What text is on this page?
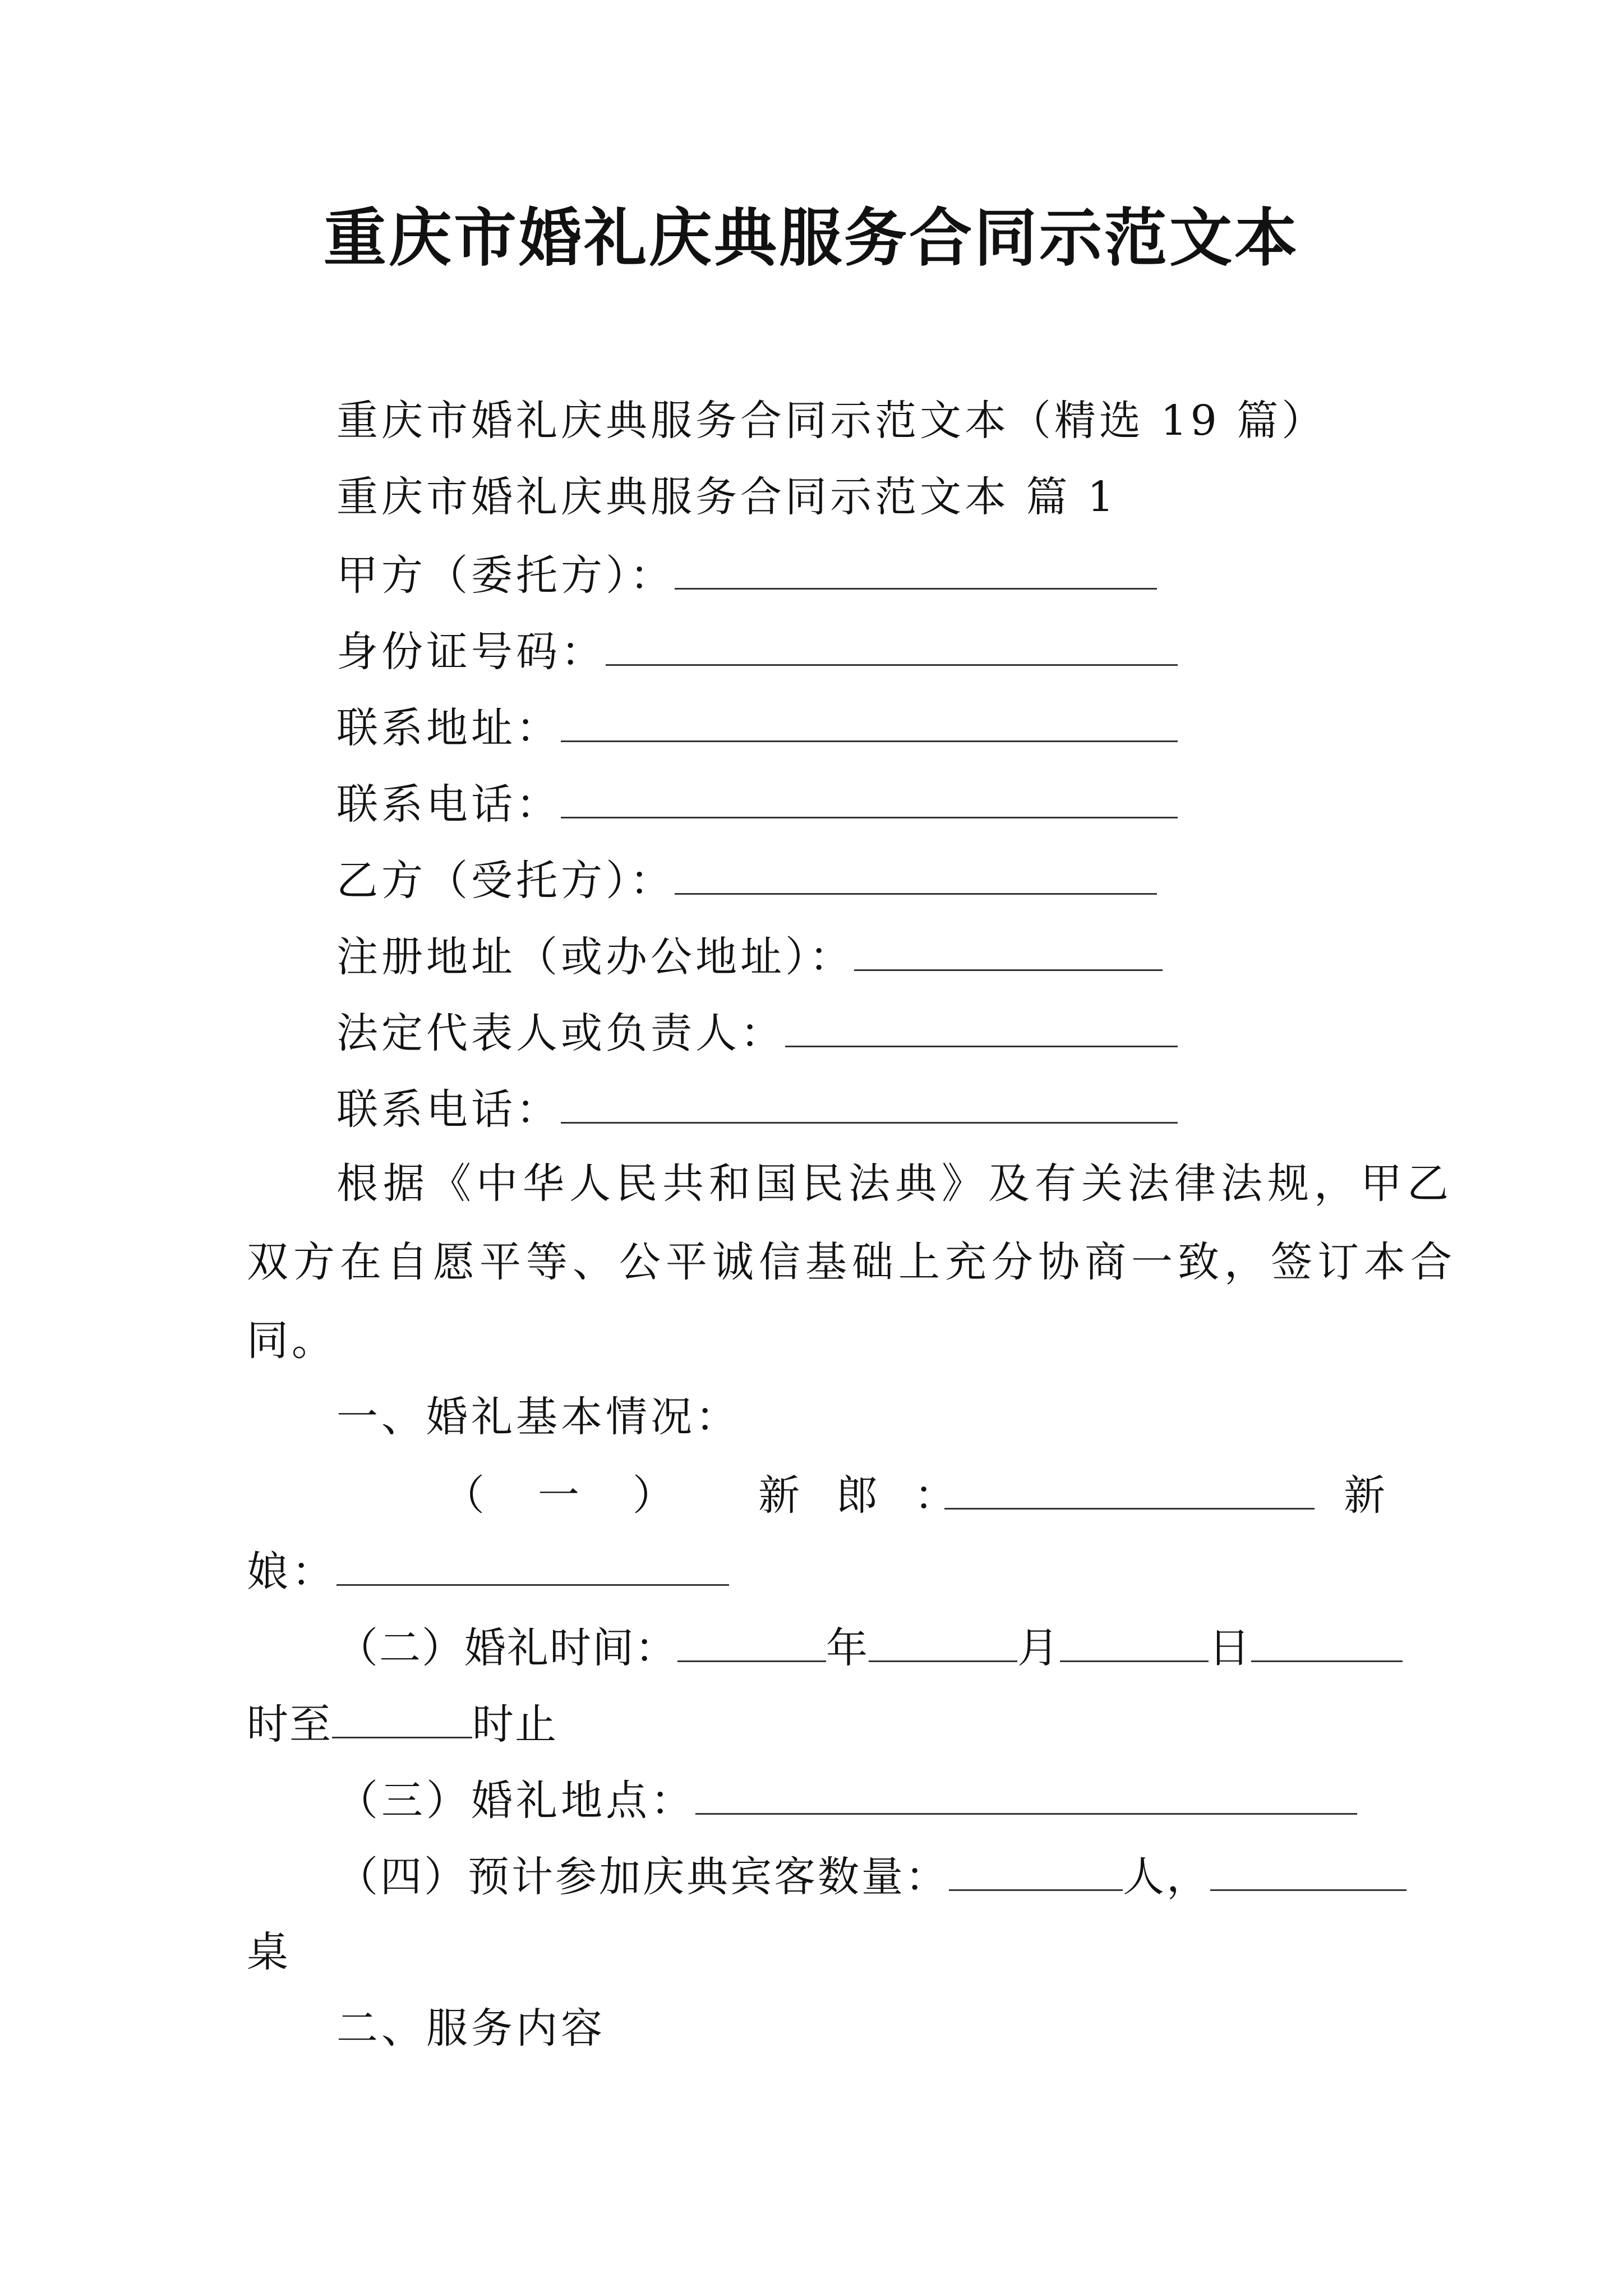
重庆市婚礼庆典服务合同示范文本
重庆市婚礼庆典服务合同示范文本（精选 19 篇）
重庆市婚礼庆典服务合同示范文本 篇 1
甲方（委托方）：
身份证号码：
联系地址：
联系电话：
乙方（受托方）：
注册地址（或办公地址）：
法定代表人或负责人：
联系电话：
根据《中华人民共和国民法典》及有关法律法规，甲乙
双方在自愿平等、公平诚信基础上充分协商一致，签订本合
同。
一、婚礼基本情况：
（ 一 ） 新 郎 ：	新
娘：
（二）婚礼时间：	年	月	日
时至	时止
（三）婚礼地点：
（四）预计参加庆典宾客数量：	人，
桌
二、服务内容
